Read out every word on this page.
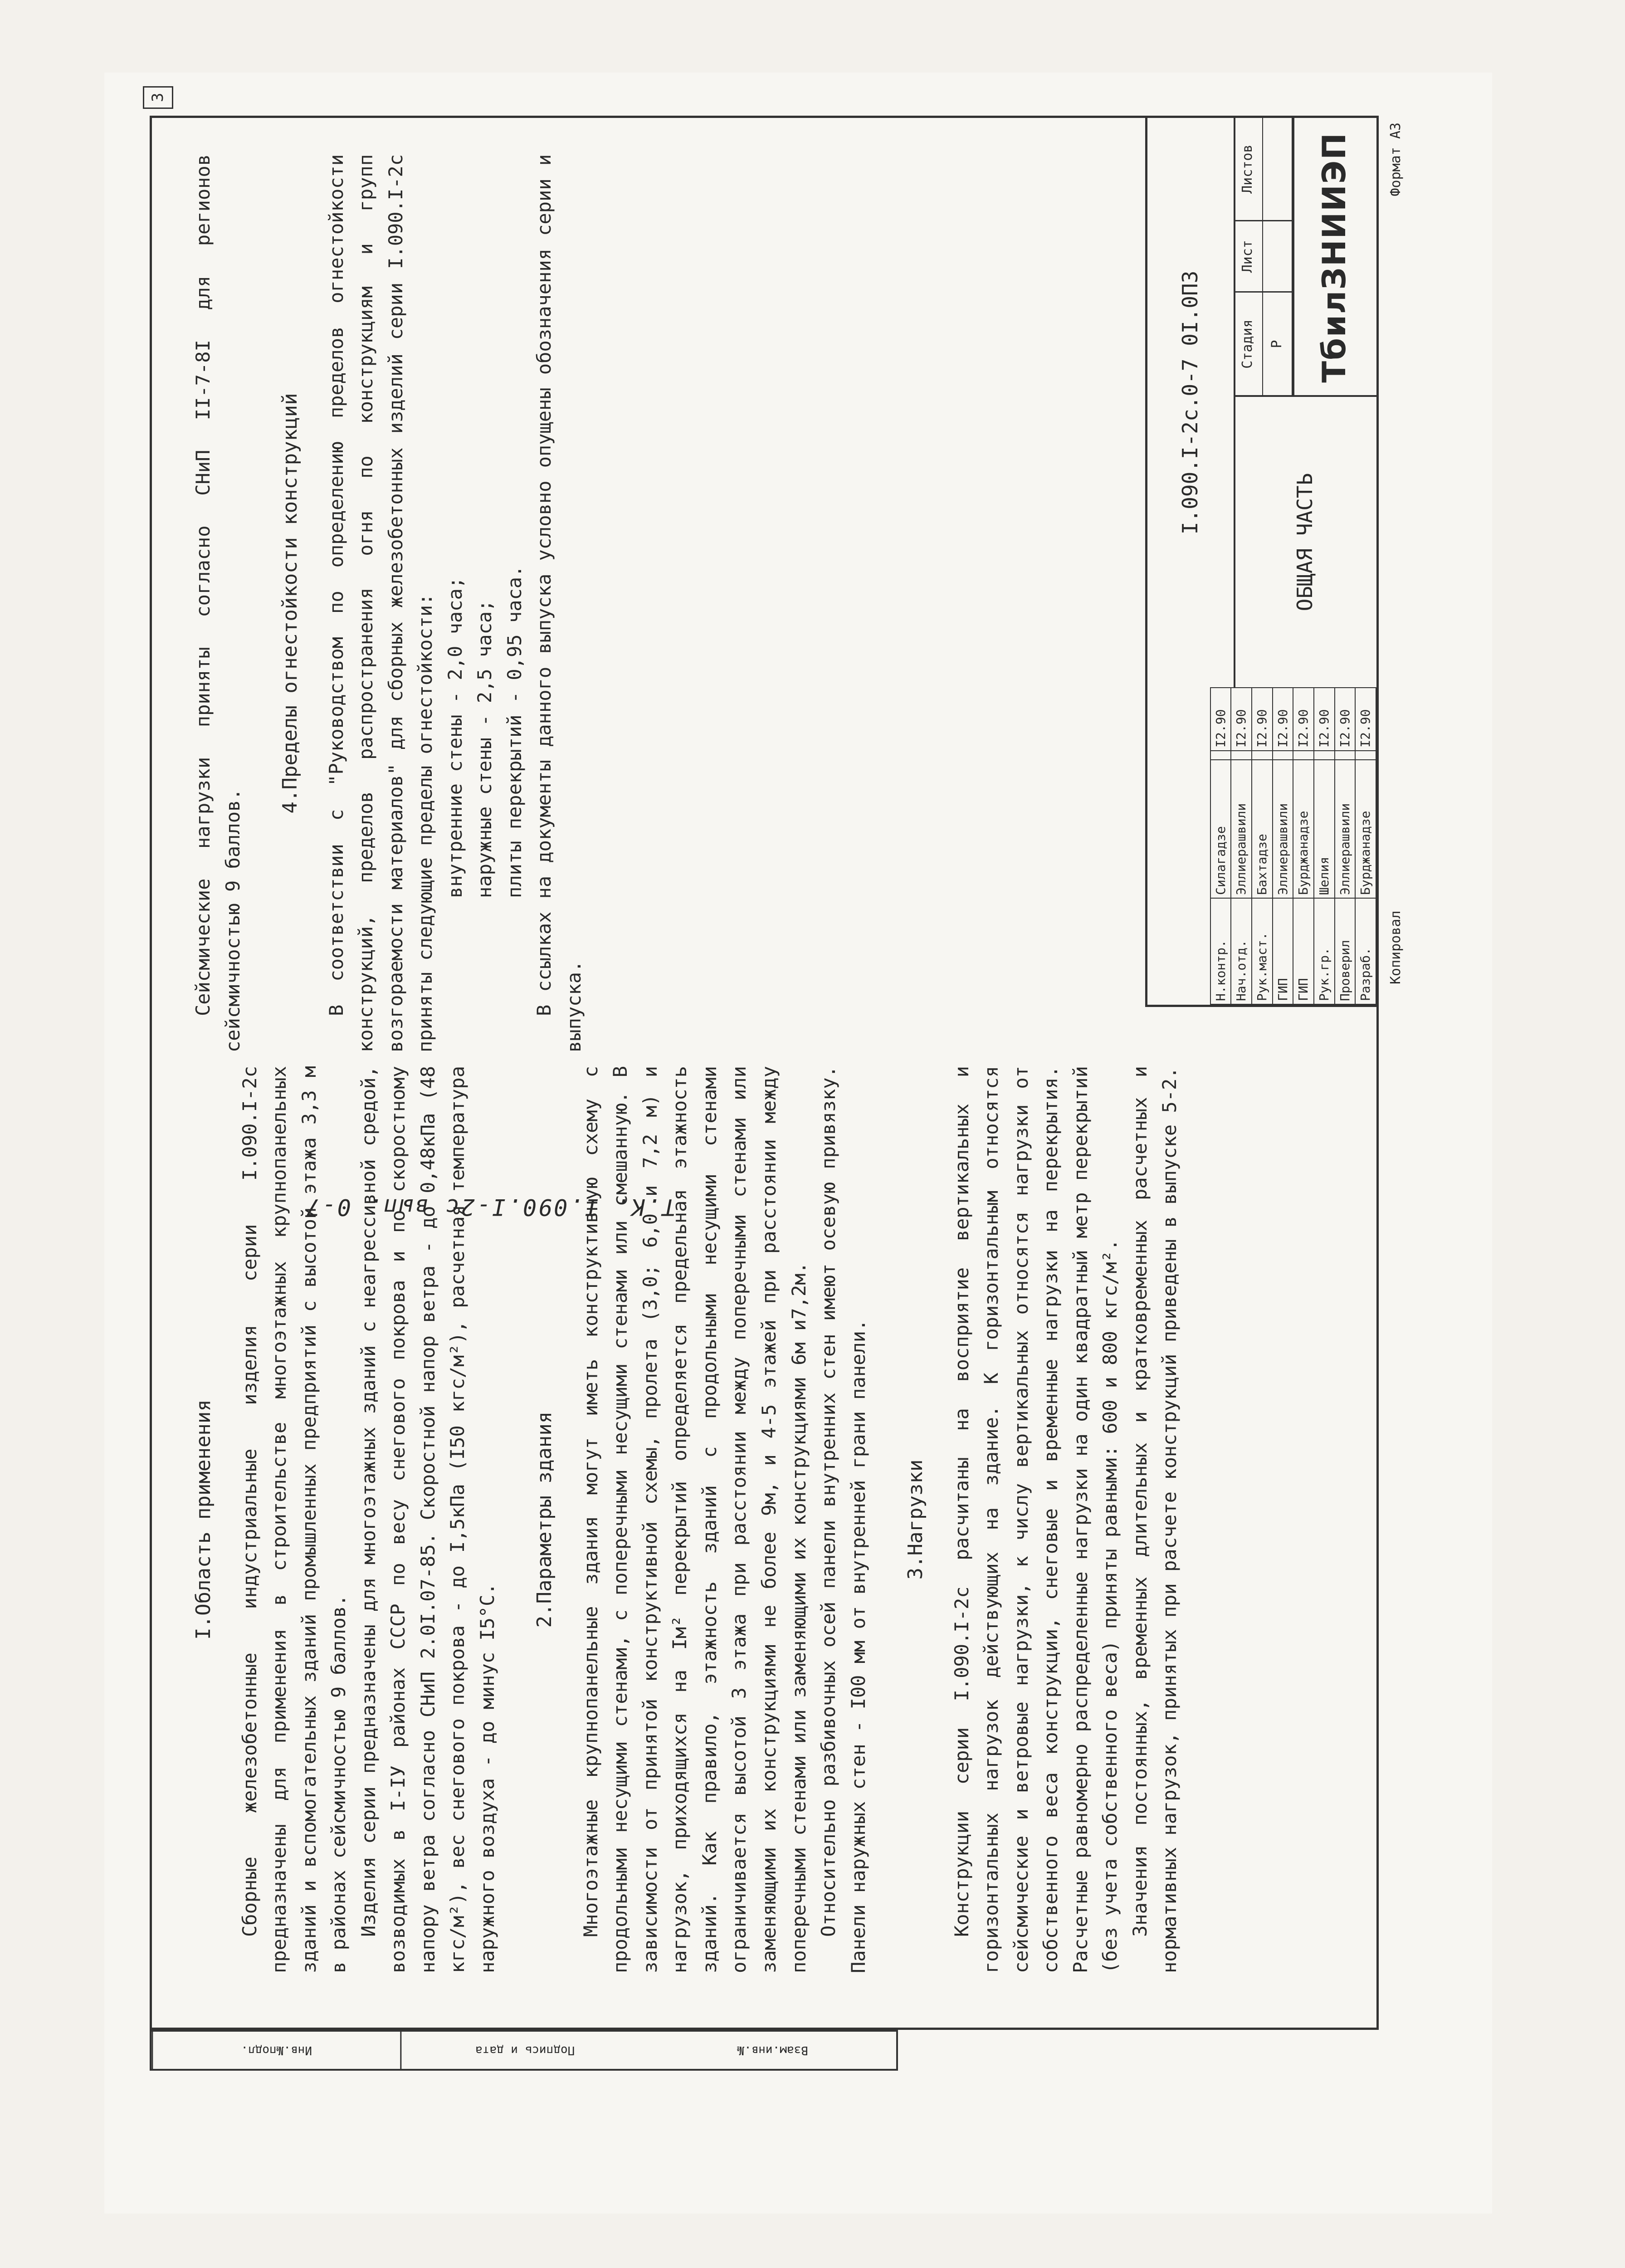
3
I.Область применения Сборные железобетонные индустриальные изделия серии I.090.I-2с предназначены для применения в строительстве многоэтажных крупнопанельных зданий и вспомогательных зданий промышленных предприятий с высотой этажа 3,3 м в районах сейсмичностью 9 баллов. Изделия серии предназначены для многоэтажных зданий с неагрессивной средой, возводимых в I-IУ районах СССР по весу снегового покрова и по скоростному напору ветра согласно СНиП 2.0I.07-85. Скоростной напор ветра - до 0,48кПа (48 кгс/м²), вес снегового покрова - до I,5кПа (I50 кгс/м²), расчетная температура наружного воздуха - до минус I5°С.

2.Параметры здания Многоэтажные крупнопанельные здания могут иметь конструктивную схему с продольными несущими стенами, с поперечными несущими стенами или смешанную. В зависимости от принятой конструктивной схемы, пролета (3,0; 6,0 и 7,2 м) и нагрузок, приходящихся на Iм² перекрытий определяется предельная этажность зданий. Как правило, этажность зданий с продольными несущими стенами ограничивается высотой 3 этажа при расстоянии между поперечными стенами или заменяющими их конструкциями не более 9м, и 4-5 этажей при расстоянии между поперечными стенами или заменяющими их конструкциями 6м и7,2м. Относительно разбивочных осей панели внутренних стен имеют осевую привязку. Панели наружных стен - I00 мм от внутренней грани панели. 3.Нагрузки Конструкции серии I.090.I-2с расчитаны на восприятие вертикальных и горизонтальных нагрузок действующих на здание. К горизонтальным относятся сейсмические и ветровые нагрузки, к числу вертикальных относятся нагрузки от собственного веса конструкции, снеговые и временные нагрузки на перекрытия. Расчетные равномерно распределенные нагрузки на один квадратный метр перекрытий (без учета собственного веса) приняты равными: 600 и 800 кгс/м². Значения постоянных, временных длительных и кратковременных расчетных и нормативных нагрузок, принятых при расчете конструкций приведены в выпуске 5-2.

Сейсмические нагрузки приняты согласно СНиП II-7-8I для регионов сейсмичностью 9 баллов.

4.Пределы огнестойкости конструкций В соответствии с "Руководством по определению пределов огнестойкости конструкций, пределов распространения огня по конструкциям и групп возгораемости материалов" для сборных железобетонных изделий серии I.090.I-2с приняты следующие пределы огнестойкости: внутренние стены - 2,0 часа; наружные стены - 2,5 часа; плиты перекрытий - 0,95 часа. В ссылках на документы данного выпуска условно опущены обозначения серии и выпуска.

I.090.I-2с.0-7 0I.0ПЗ
Н.контр.	Силагадзе		I2.90
Нач.отд.	Эллиерашвили		I2.90
Рук.маст.	Бахтадзе		I2.90
ГИП	Эллиерашвили		I2.90
ГИП	Бурджанадзе		I2.90
Рук.гр.	Шелия		I2.90
Проверил	Эллиерашвили		I2.90
Разраб.	Бурджанадзе		I2.90
ОБЩАЯ ЧАСТЬ
Стадия	Лист	Листов
Р		ТбилЗНИИЭП
Копировал
Формат А3
Т.К. I.090.I-2с вып. 0-7
Инв.№подл.	Подпись и дата	Взам.инв.№
